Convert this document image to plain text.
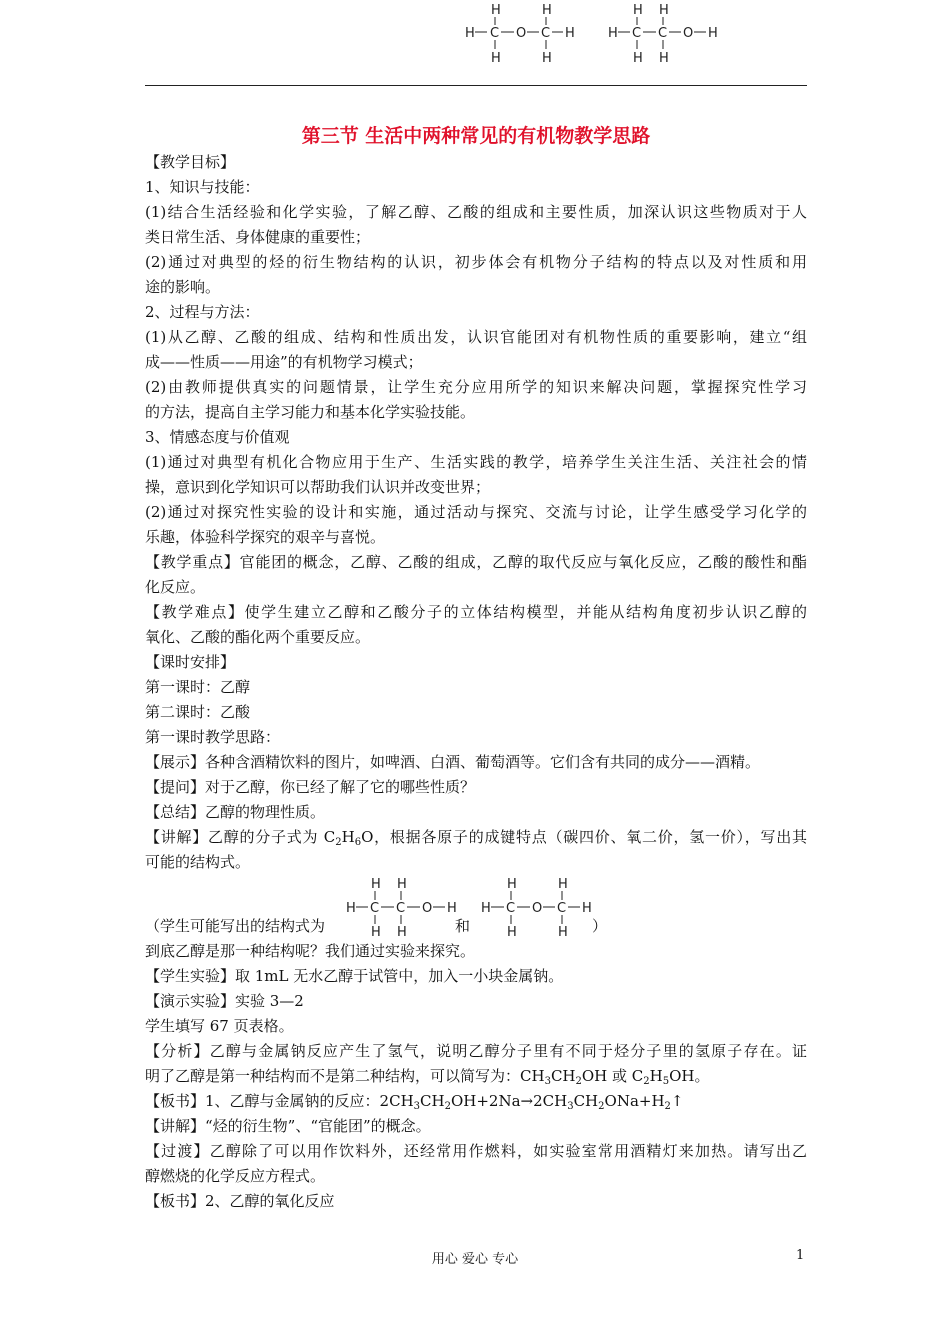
H C
H
H
O C
H
H
H	H C
H
H
C
H
H
O H
第三节 生活中两种常见的有机物教学思路
【教学目标】
1、知识与技能：
(1)结合生活经验和化学实验，了解乙醇、乙酸的组成和主要性质，加深认识这些物质对于人
类日常生活、身体健康的重要性；
(2)通过对典型的烃的衍生物结构的认识，初步体会有机物分子结构的特点以及对性质和用
途的影响。
2、过程与方法：
(1)从乙醇、乙酸的组成、结构和性质出发，认识官能团对有机物性质的重要影响，建立“组
成——性质——用途”的有机物学习模式；
(2)由教师提供真实的问题情景，让学生充分应用所学的知识来解决问题，掌握探究性学习
的方法，提高自主学习能力和基本化学实验技能。
3、情感态度与价值观
(1)通过对典型有机化合物应用于生产、生活实践的教学，培养学生关注生活、关注社会的情
操，意识到化学知识可以帮助我们认识并改变世界；
(2)通过对探究性实验的设计和实施，通过活动与探究、交流与讨论，让学生感受学习化学的
乐趣，体验科学探究的艰辛与喜悦。
【教学重点】官能团的概念，乙醇、乙酸的组成，乙醇的取代反应与氧化反应，乙酸的酸性和酯
化反应。
【教学难点】使学生建立乙醇和乙酸分子的立体结构模型，并能从结构角度初步认识乙醇的
氧化、乙酸的酯化两个重要反应。
【课时安排】
第一课时：乙醇
第二课时：乙酸
第一课时教学思路：
【展示】各种含酒精饮料的图片，如啤酒、白酒、葡萄酒等。它们含有共同的成分——酒精。
【提问】对于乙醇，你已经了解了它的哪些性质？
【总结】乙醇的物理性质。
【讲解】乙醇的分子式为 $C_2H_6O$，根据各原子的成键特点（碳四价、氧二价，氢一价），写出其
可能的结构式。
（学生可能写出的结构式为	和	）
H C
H
H
C
H
H
O H H C
H
H
O C
H
H
H
到底乙醇是那一种结构呢？我们通过实验来探究。
【学生实验】取 1mL 无水乙醇于试管中，加入一小块金属钠。
【演示实验】实验 3—2
学生填写 67 页表格。
【分析】乙醇与金属钠反应产生了氢气，说明乙醇分子里有不同于烃分子里的氢原子存在。证
明了乙醇是第一种结构而不是第二种结构，可以简写为：$CH_3CH_2OH$ 或 $C_2H_5OH$。
【板书】1、乙醇与金属钠的反应：$2CH_3CH_2OH+2Na\to 2CH_3CH_2ONa+H_2↑$
【讲解】“烃的衍生物”、“官能团”的概念。
【过渡】乙醇除了可以用作饮料外，还经常用作燃料，如实验室常用酒精灯来加热。请写出乙
醇燃烧的化学反应方程式。
【板书】2、乙醇的氧化反应
用心 爱心 专心	1
